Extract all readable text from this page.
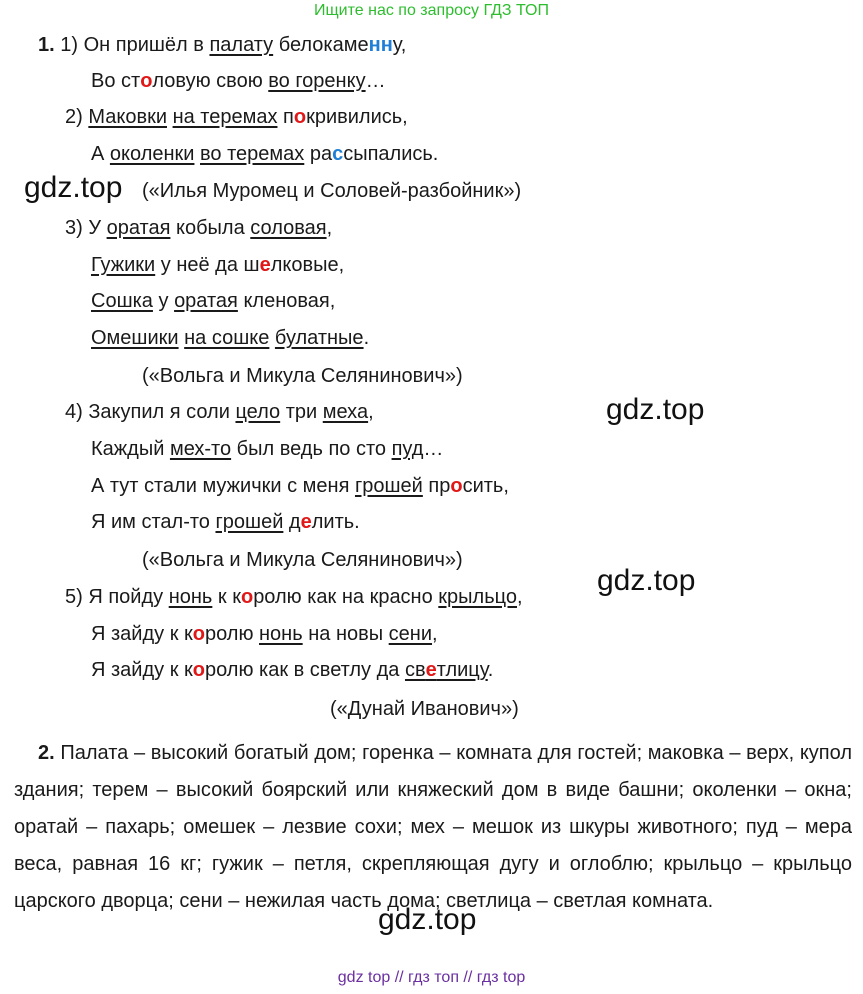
Ищите нас по запросу ГДЗ ТОП
1. 1) Он пришёл в палату белокаменну,
Во столовую свою во горенку…
2) Маковки на теремах покривились,
А околенки во теремах рассыпались.
gdz.top («Илья Муромец и Соловей-разбойник»)
3) У оратая кобыла соловая,
Гужики у неё да шелковые,
Сошка у оратая кленовая,
Омешики на сошке булатные.
(«Вольга и Микула Селянинович»)
4) Закупил я соли цело три меха,	gdz.top
Каждый мех-то был ведь по сто пуд…
А тут стали мужички с меня грошей просить,
Я им стал-то грошей делить.
(«Вольга и Микула Селянинович»)
gdz.top
5) Я пойду нонь к королю как на красно крыльцо,
Я зайду к королю нонь на новы сени,
Я зайду к королю как в светлу да светлицу.
(«Дунай Иванович»)
2. Палата – высокий богатый дом; горенка – комната для гостей; маковка – верх, купол здания; терем – высокий боярский или княжеский дом в виде башни; околенки – окна; оратай – пахарь; омешек – лезвие сохи; мех – мешок из шкуры животного; пуд – мера веса, равная 16 кг; гужик – петля, скрепляющая дугу и оглоблю; крыльцо – крыльцо царского дворца; сени – нежилая часть дома; светлица – светлая комната.
gdz.top
gdz top // гдз топ // гдз top
